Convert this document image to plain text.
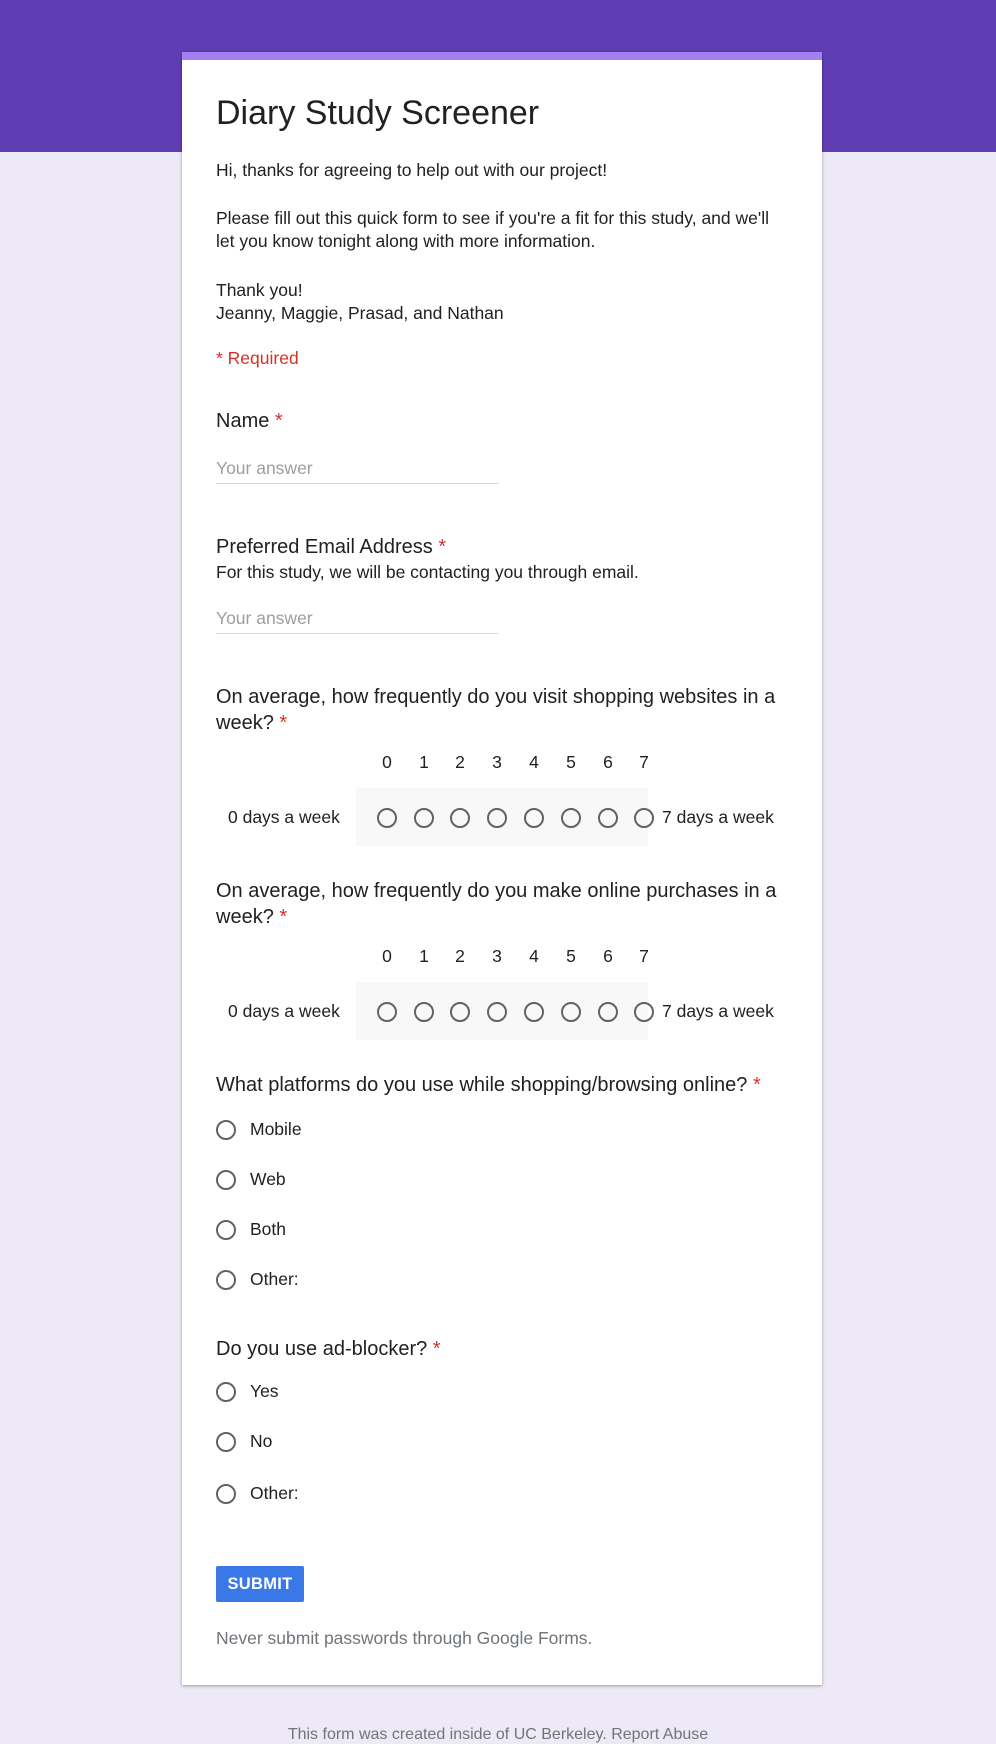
Diary Study Screener
Hi, thanks for agreeing to help out with our project!
Please fill out this quick form to see if you're a fit for this study, and we'll
let you know tonight along with more information.
Thank you!
Jeanny, Maggie, Prasad, and Nathan
* Required
Name *
Your answer
Preferred Email Address *
For this study, we will be contacting you through email.
Your answer
On average, how frequently do you visit shopping websites in a
week? *
0	1	2	3	4	5	6	7
0 days a week	7 days a week
On average, how frequently do you make online purchases in a
week? *
0	1	2	3	4	5	6	7
0 days a week	7 days a week
What platforms do you use while shopping/browsing online? *
Mobile
Web
Both
Other:
Do you use ad-blocker? *
Yes
No
Other:
SUBMIT
Never submit passwords through Google Forms.
This form was created inside of UC Berkeley. Report Abuse
